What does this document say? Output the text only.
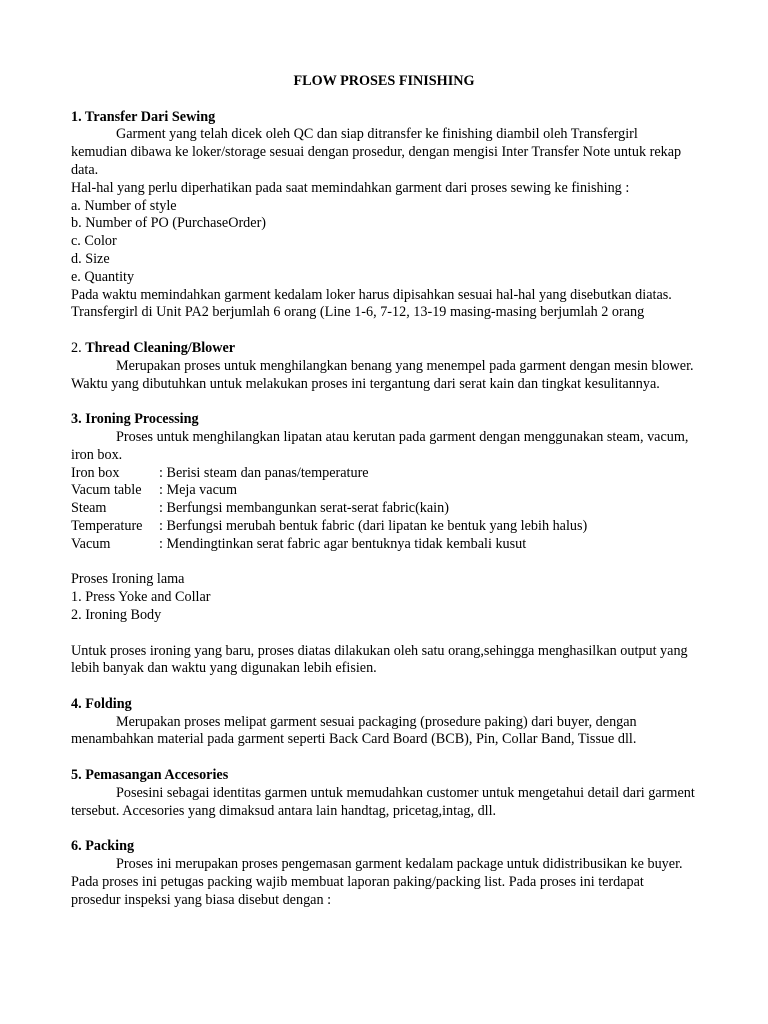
FLOW PROSES FINISHING

1. Transfer Dari Sewing

Garment yang telah dicek oleh QC dan siap ditransfer ke finishing diambil oleh Transfergirl kemudian dibawa ke loker/storage sesuai dengan prosedur, dengan mengisi Inter Transfer Note untuk rekap data.

Hal-hal yang perlu diperhatikan pada saat memindahkan garment dari proses sewing ke finishing :

a. Number of style

b. Number of PO (PurchaseOrder)

c. Color

d. Size

e. Quantity

Pada waktu memindahkan garment kedalam loker harus dipisahkan sesuai hal-hal yang disebutkan diatas.

Transfergirl di Unit PA2 berjumlah 6 orang (Line 1-6, 7-12, 13-19 masing-masing berjumlah 2 orang

2. Thread Cleaning/Blower

Merupakan proses untuk menghilangkan benang yang menempel pada garment dengan mesin blower. Waktu yang dibutuhkan untuk melakukan proses ini tergantung dari serat kain dan tingkat kesulitannya.

3. Ironing Processing

Proses untuk menghilangkan lipatan atau kerutan pada garment dengan menggunakan steam, vacum, iron box.

Iron box	: Berisi steam dan panas/temperature
Vacum table	: Meja vacum
Steam	: Berfungsi membangunkan serat-serat fabric(kain)
Temperature	: Berfungsi merubah bentuk fabric (dari lipatan ke bentuk yang lebih halus)
Vacum	: Mendingtinkan serat fabric agar bentuknya tidak kembali kusut

Proses Ironing lama

1. Press Yoke and Collar

2. Ironing Body

Untuk proses ironing yang baru, proses diatas dilakukan oleh satu orang,sehingga menghasilkan output yang lebih banyak dan waktu yang digunakan lebih efisien.

4. Folding

Merupakan proses melipat garment sesuai packaging (prosedure paking) dari buyer, dengan menambahkan material pada garment seperti Back Card Board (BCB), Pin, Collar Band, Tissue dll.

5. Pemasangan Accesories

Posesini sebagai identitas garmen untuk memudahkan customer untuk mengetahui detail dari garment tersebut. Accesories yang dimaksud antara lain handtag, pricetag,intag, dll.

6. Packing

Proses ini merupakan proses pengemasan garment kedalam package untuk didistribusikan ke buyer. Pada proses ini petugas packing wajib membuat laporan paking/packing list. Pada proses ini terdapat prosedur inspeksi yang biasa disebut dengan :
